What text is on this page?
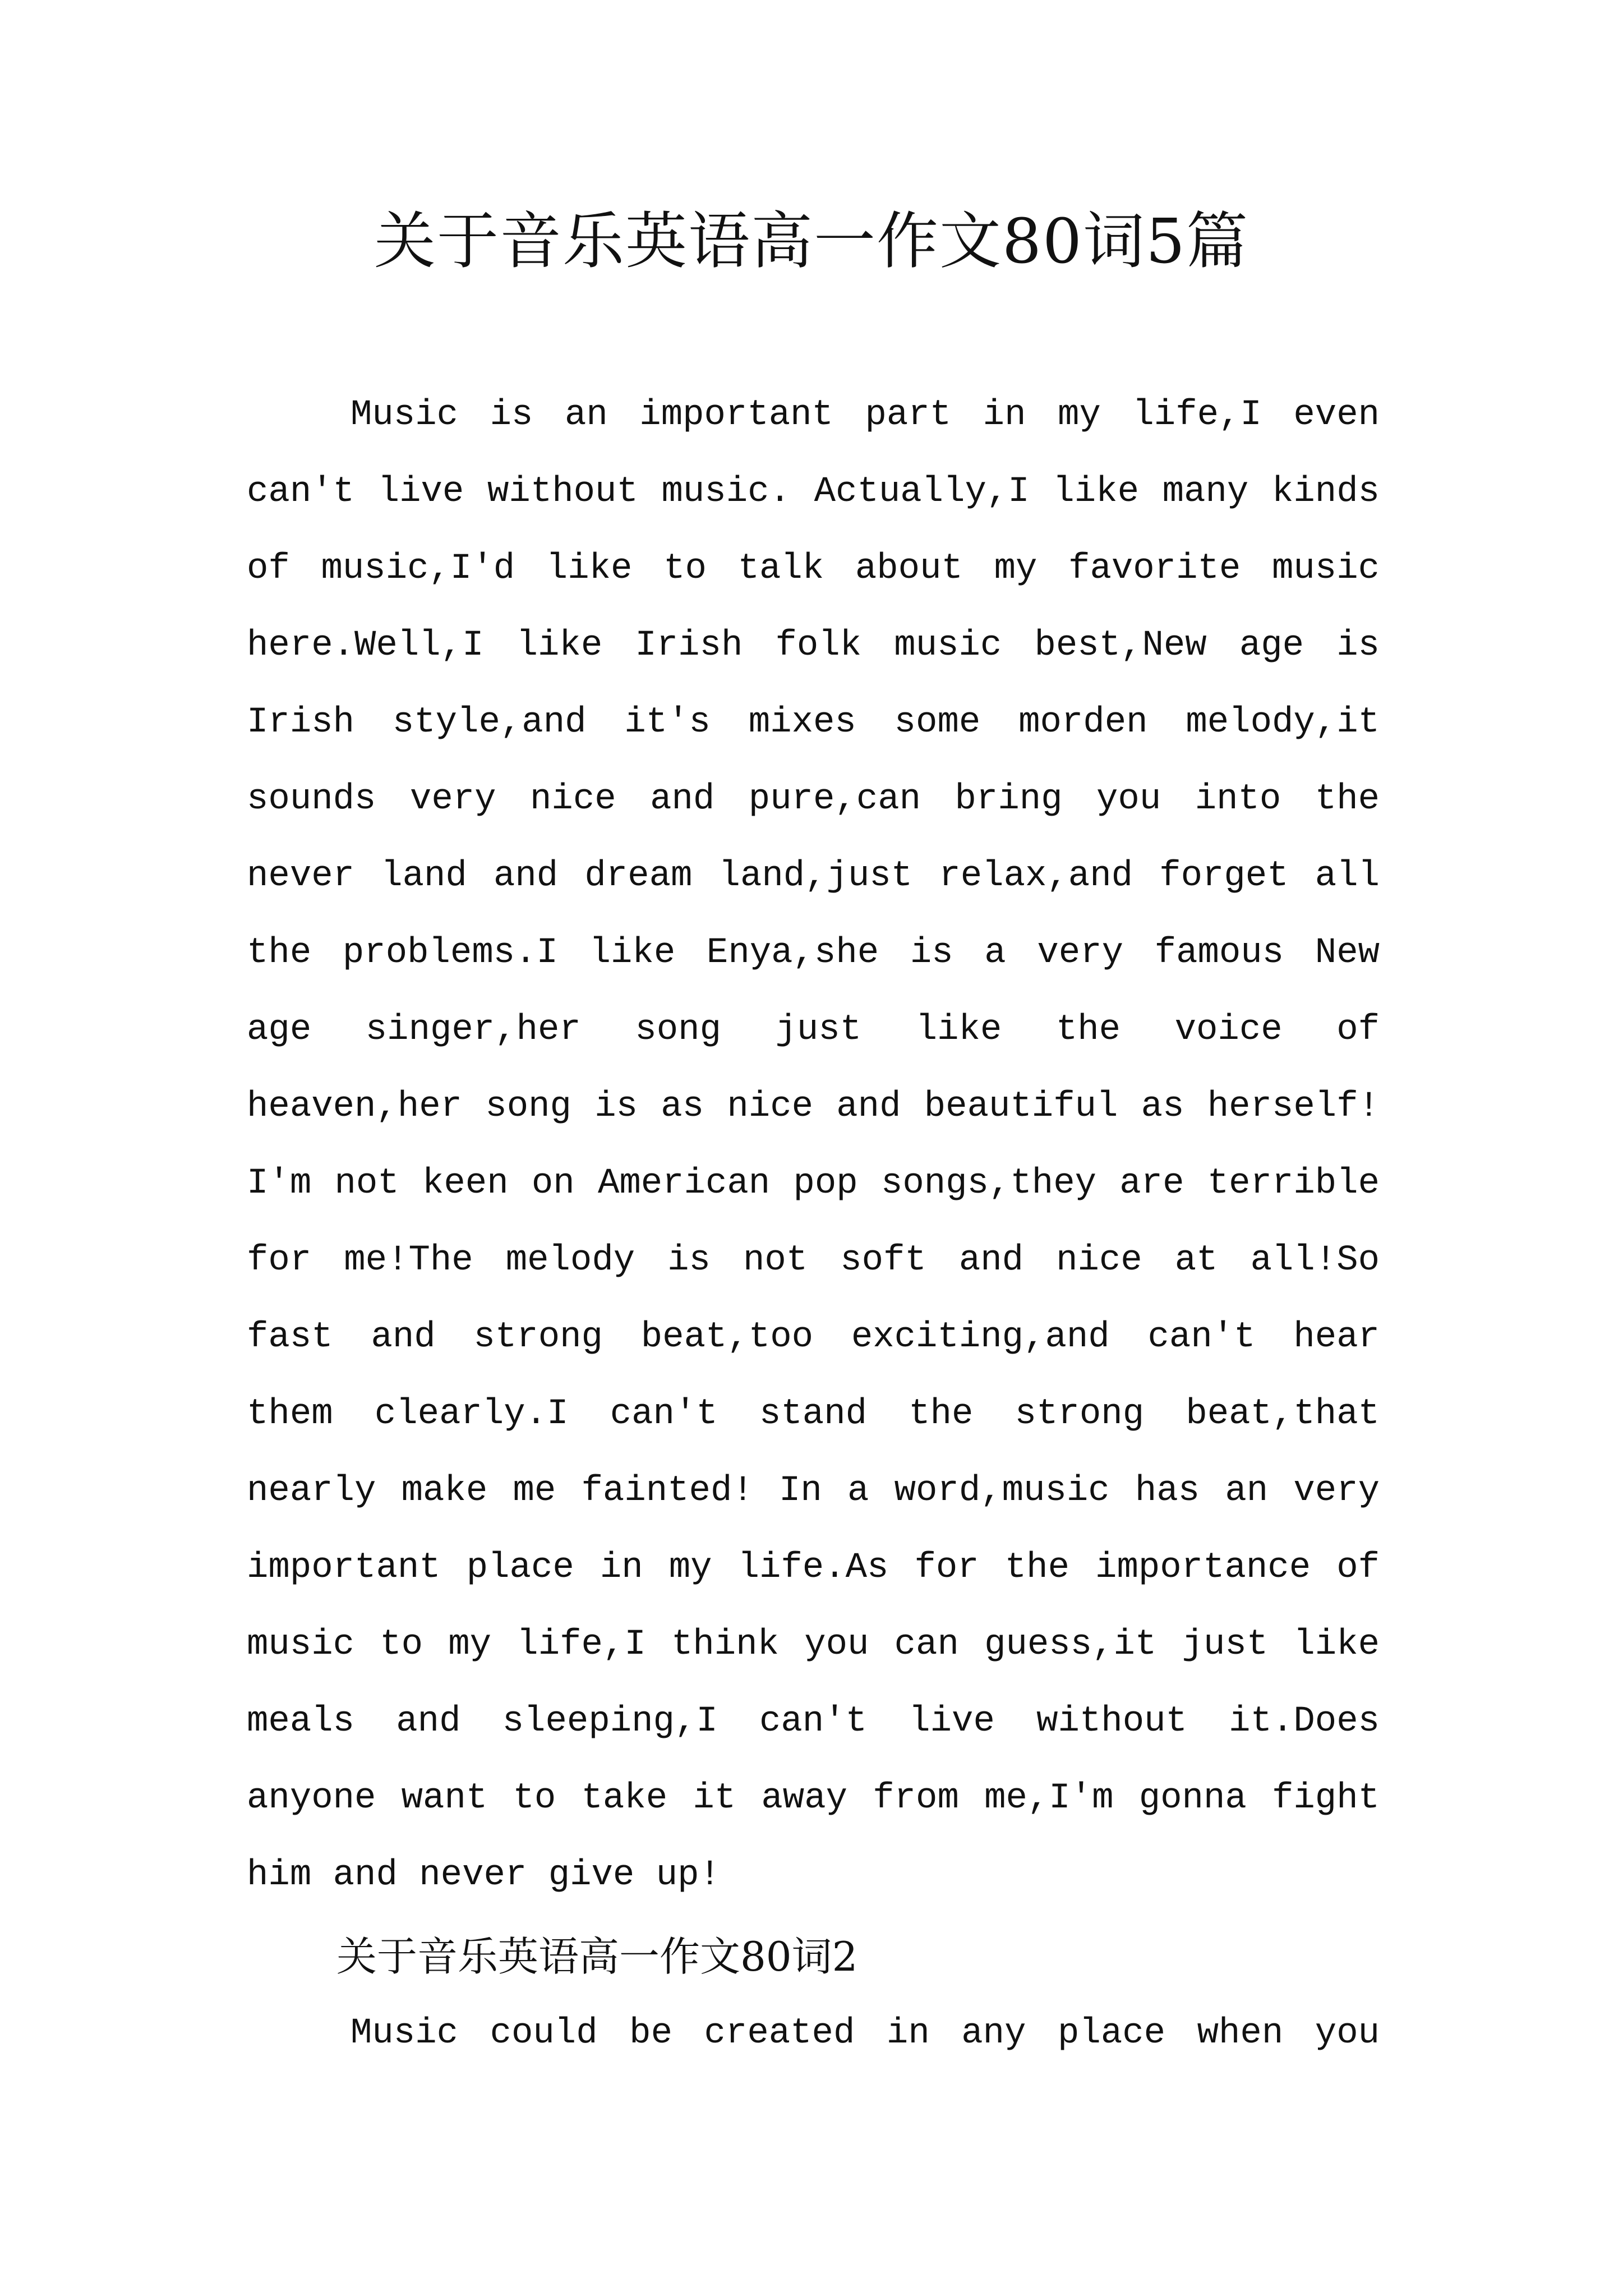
关于音乐英语高一作文80词5篇

Music is an important part in my life,I even can't live without music. Actually,I like many kinds of music,I'd like to talk about my favorite music here.Well,I like Irish folk music best,New age is Irish style,and it's mixes some morden melody,it sounds very nice and pure,can bring you into the never land and dream land,just relax,and forget all the problems.I like Enya,she is a very famous New age singer,her song just like the voice of heaven,her song is as nice and beautiful as herself! I'm not keen on American pop songs,they are terrible for me!The melody is not soft and nice at all!So fast and strong beat,too exciting,and can't hear them clearly.I can't stand the strong beat,that nearly make me fainted! In a word,music has an very important place in my life.As for the importance of music to my life,I think you can guess,it just like meals and sleeping,I can't live without it.Does anyone want to take it away from me,I'm gonna fight him and never give up!

关于音乐英语高一作文80词2

Music could be created in any place when you
